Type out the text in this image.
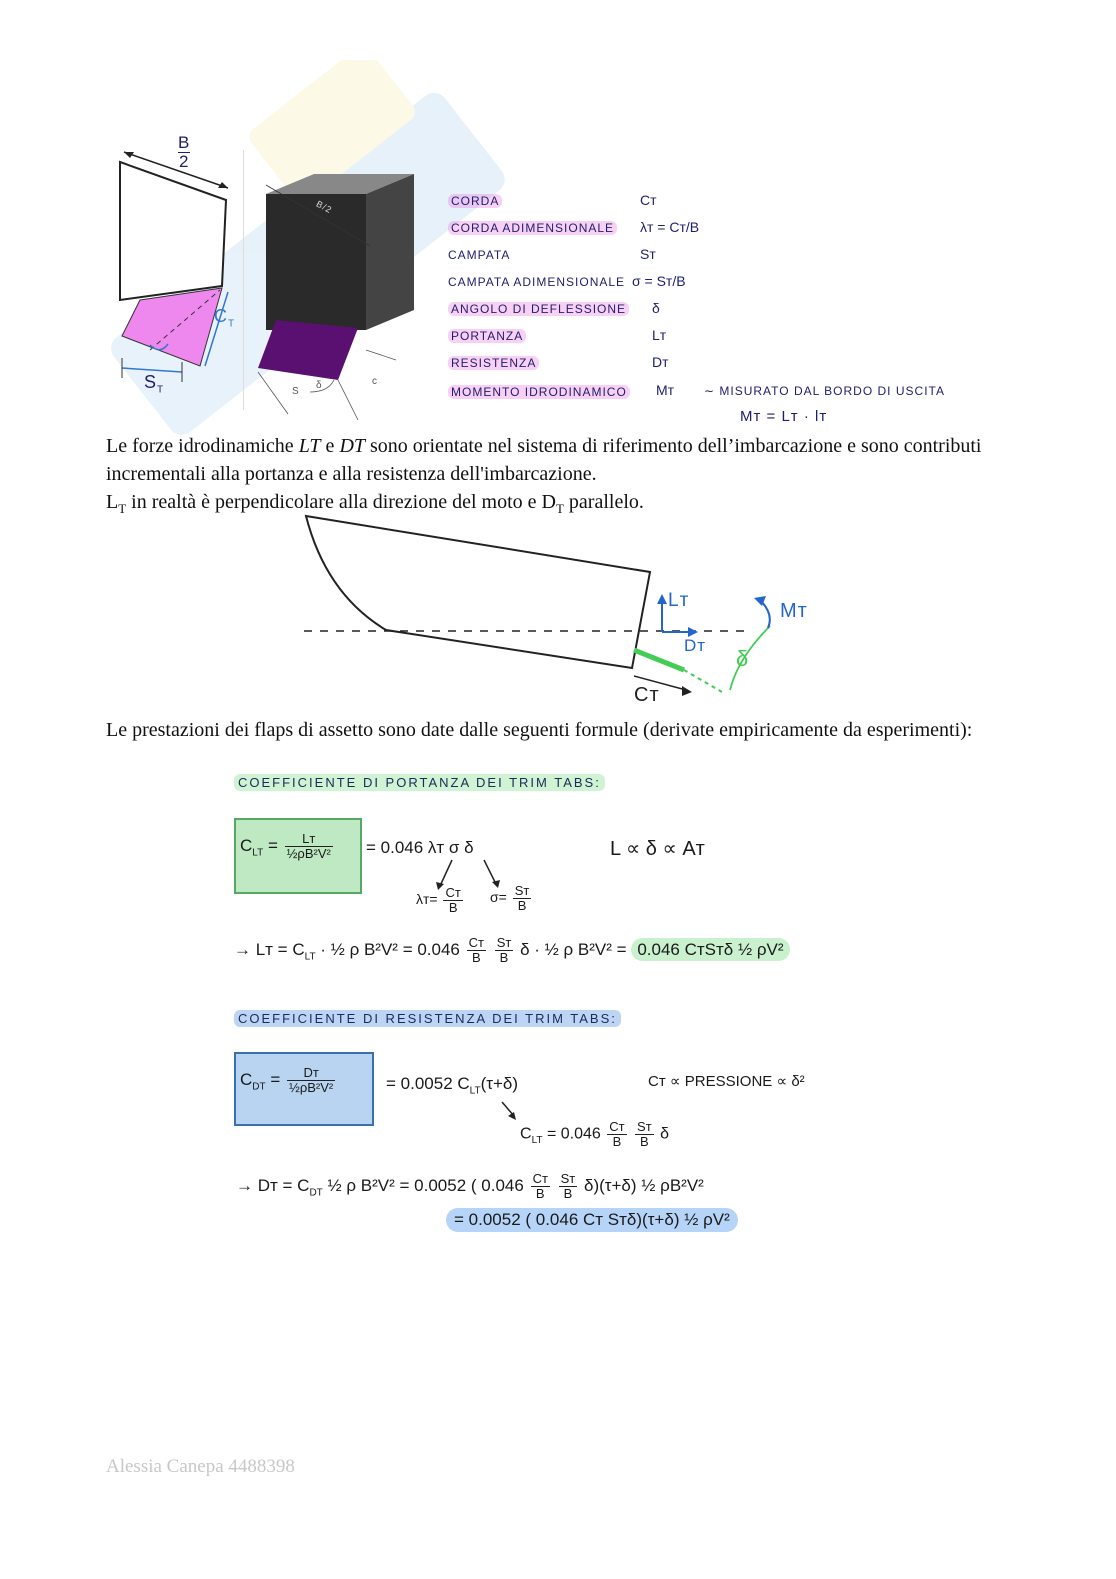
$\frac{B}{2}$
$C_T$
$S_T$
B/2
δ
S
c
CORDA	Cᴛ
CORDA ADIMENSIONALE λᴛ = Cᴛ/B
CAMPATA	Sᴛ
CAMPATA ADIMENSIONALE σ = Sᴛ/B
ANGOLO DI DEFLESSIONE δ
PORTANZA	Lᴛ
RESISTENZA	Dᴛ
MOMENTO IDRODINAMICO Mᴛ ∼ MISURATO DAL BORDO DI USCITA
Mᴛ = Lᴛ · lᴛ
Le forze idrodinamiche LT e DT sono orientate nel sistema di riferimento dell’imbarcazione e sono contributi incrementali alla portanza e alla resistenza dell'imbarcazione.
$L_T$ in realtà è perpendicolare alla direzione del moto e $D_T$ parallelo.
Lᴛ
Dᴛ
Mᴛ
δ
Cᴛ
Le prestazioni dei flaps di assetto sono date dalle seguenti formule (derivate empiricamente da esperimenti):
COEFFICIENTE DI PORTANZA DEI TRIM TABS:
$C_{LT} = \frac{\text{Lᴛ}}{\text{½ρB²V²}} = 0.046$ λᴛ σ δ	L ∝ δ ∝ Aᴛ
λᴛ= $\frac{\text{Cᴛ}}{B} \sigma= \frac{\text{Sᴛ}}{B}$
→ Lᴛ = $C_{LT}$ · ½ ρ $B^2V^2 = 0.046 \frac{\text{Cᴛ}}{B}$
$\frac{\text{Sᴛ}}{B}$ δ · ½ ρ B²V² = 0.046 CᴛSᴛδ ½ ρV²
COEFFICIENTE DI RESISTENZA DEI TRIM TABS:
$C_{DT} = \frac{\text{Dᴛ}}{\text{½ρB²V²}}$	= 0.0052 $C_{LT}(\tau+\delta)$	Cᴛ ∝ PRESSIONE ∝ δ²
$C_{LT} = 0.046 \frac{\text{Cᴛ}}{B}$
$\frac{\text{Sᴛ}}{B}$ δ
→ Dᴛ = $C_{DT}$ ½ ρ B²V² = 0.0052 ( $0.046 \frac{\text{Cᴛ}}{B}$
$\frac{\text{Sᴛ}}{B} \delta)(\tau+\delta)$ ½ ρB²V²
= 0.0052 ( 0.046 Cᴛ Sᴛδ)(τ+δ) ½ ρV²
Alessia Canepa 4488398
